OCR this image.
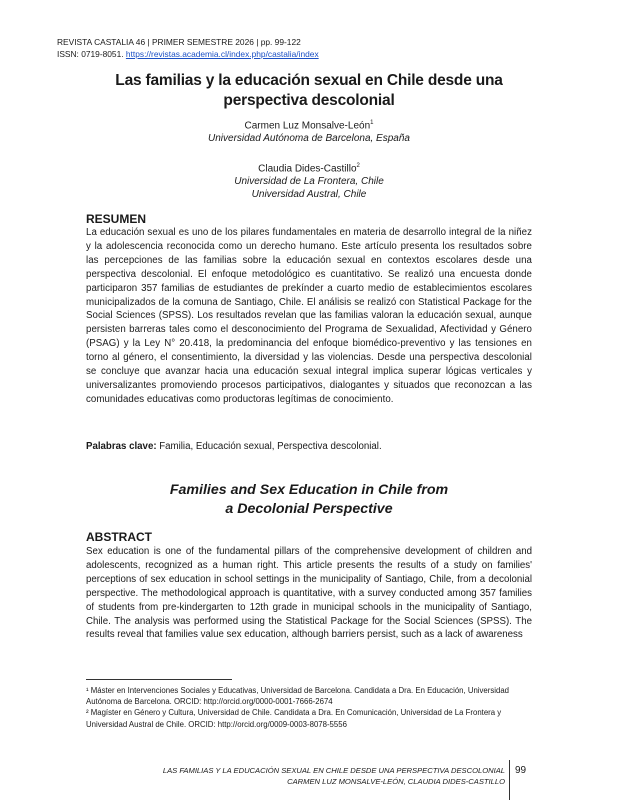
REVISTA CASTALIA 46 | PRIMER SEMESTRE 2026 | pp. 99-122
ISSN: 0719-8051. https://revistas.academia.cl/index.php/castalia/index
Las familias y la educación sexual en Chile desde una
perspectiva descolonial
Carmen Luz Monsalve-León$^1$
Universidad Autónoma de Barcelona, España
Claudia Dides-Castillo$^2$
Universidad de La Frontera, Chile
Universidad Austral, Chile
RESUMEN
La educación sexual es uno de los pilares fundamentales en materia de desarrollo integral de la niñez y la adolescencia reconocida como un derecho humano. Este artículo presenta los resultados sobre las percepciones de las familias sobre la educación sexual en contextos escolares desde una perspectiva descolonial. El enfoque metodológico es cuantitativo. Se realizó una encuesta donde participaron 357 familias de estudiantes de prekínder a cuarto medio de establecimientos escolares municipalizados de la comuna de Santiago, Chile. El análisis se realizó con Statistical Package for the Social Sciences (SPSS). Los resultados revelan que las familias valoran la educación sexual, aunque persisten barreras tales como el desconocimiento del Programa de Sexualidad, Afectividad y Género (PSAG) y la Ley N° 20.418, la predominancia del enfoque biomédico-preventivo y las tensiones en torno al género, el consentimiento, la diversidad y las violencias. Desde una perspectiva descolonial se concluye que avanzar hacia una educación sexual integral implica superar lógicas verticales y universalizantes promoviendo procesos participativos, dialogantes y situados que reconozcan a las comunidades educativas como productoras legítimas de conocimiento.
Palabras clave: Familia, Educación sexual, Perspectiva descolonial.
Families and Sex Education in Chile from
a Decolonial Perspective
ABSTRACT
Sex education is one of the fundamental pillars of the comprehensive development of children and adolescents, recognized as a human right. This article presents the results of a study on families' perceptions of sex education in school settings in the municipality of Santiago, Chile, from a decolonial perspective. The methodological approach is quantitative, with a survey conducted among 357 families of students from pre-kindergarten to 12th grade in municipal schools in the municipality of Santiago, Chile. The analysis was performed using the Statistical Package for the Social Sciences (SPSS). The results reveal that families value sex education, although barriers persist, such as a lack of awareness

¹ Máster en Intervenciones Sociales y Educativas, Universidad de Barcelona. Candidata a Dra. En Educación, Universidad Autónoma de Barcelona. ORCID: http://orcid.org/0000-0001-7666-2674

² Magíster en Género y Cultura, Universidad de Chile. Candidata a Dra. En Comunicación, Universidad de La Frontera y Universidad Austral de Chile. ORCID: http://orcid.org/0009-0003-8078-5556

LAS FAMILIAS Y LA EDUCACIÓN SEXUAL EN CHILE DESDE UNA PERSPECTIVA DESCOLONIAL
CARMEN LUZ MONSALVE-LEÓN, CLAUDIA DIDES-CASTILLO
99
